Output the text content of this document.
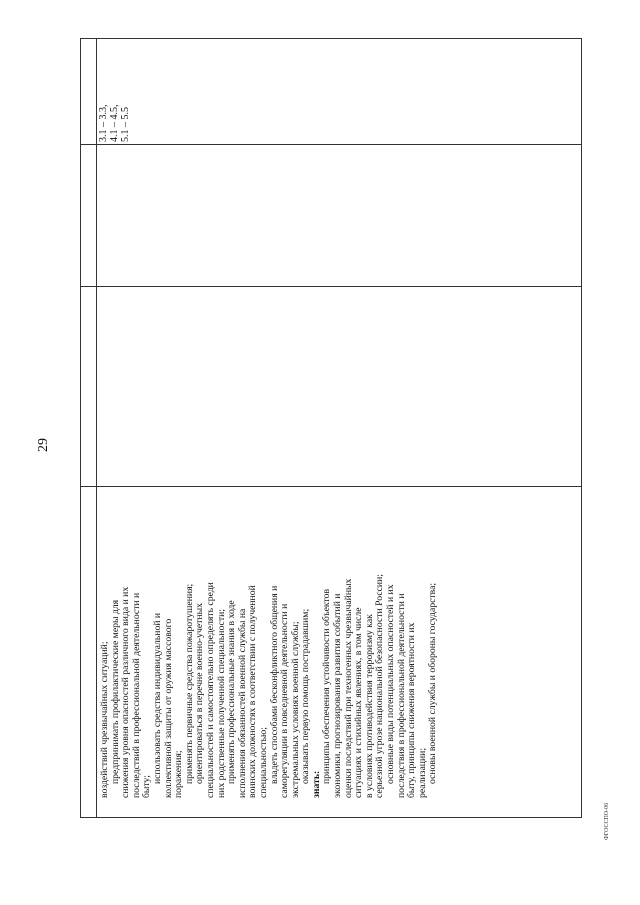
29

3.1 – 3.3, 4.1 – 4.5, 5.1 – 5.5

воздействий чрезвычайных ситуаций; предпринимать профилактические меры для снижения уровня опасностей различного вида и их последствий в профессиональной деятельности и быту;

использовать средства индивидуальной и коллективной защиты от оружия массового поражения; применять первичные средства пожаротушения; ориентироваться в перечне военно-учетных специальностей и самостоятельно определять среди них родственные полученной специальности; применять профессиональные знания в ходе исполнения обязанностей военной службы на воинских должностях в соответствии с полученной специальностью; владеть способами бесконфликтного общения и саморегуляции в повседневной деятельности и экстремальных условиях военной службы; оказывать первую помощь пострадавшим;

знать:

принципы обеспечения устойчивости объектов экономики, прогнозирования развития событий и оценки последствий при техногенных чрезвычайных ситуациях и стихийных явлениях, в том числе в условиях противодействия терроризму как серьезной угрозе национальной безопасности России; основные виды потенциальных опасностей и их последствия в профессиональной деятельности и быту, принципы снижения вероятности их реализации; основы военной службы и обороны государства;

ФГОССПО-06
